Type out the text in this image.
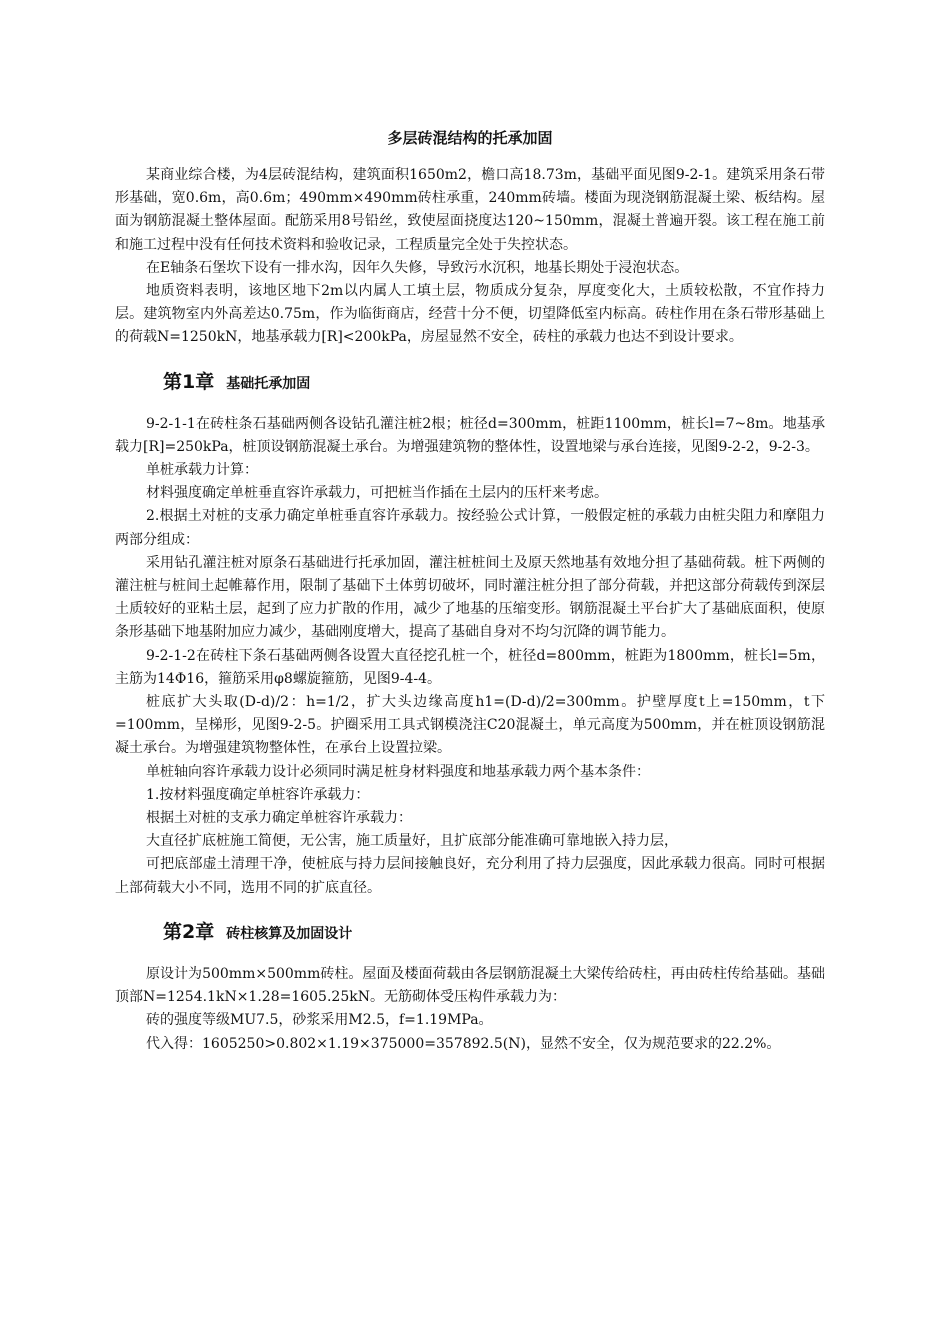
多层砖混结构的托承加固

某商业综合楼，为4层砖混结构，建筑面积1650m2，檐口高18.73m，基础平面见图9-2-1。建筑采用条石带形基础，宽0.6m，高0.6m；490mm×490mm砖柱承重，240mm砖墙。楼面为现浇钢筋混凝土梁、板结构。屋面为钢筋混凝土整体屋面。配筋采用8号铅丝，致使屋面挠度达120~150mm，混凝土普遍开裂。该工程在施工前和施工过程中没有任何技术资料和验收记录，工程质量完全处于失控状态。

在E轴条石堡坎下设有一排水沟，因年久失修，导致污水沉积，地基长期处于浸泡状态。

地质资料表明，该地区地下2m以内属人工填土层，物质成分复杂，厚度变化大，土质较松散，不宜作持力层。建筑物室内外高差达0.75m，作为临街商店，经营十分不便，切望降低室内标高。砖柱作用在条石带形基础上的荷载N=1250kN，地基承载力[R]<200kPa，房屋显然不安全，砖柱的承载力也达不到设计要求。

第1章 基础托承加固

9-2-1-1在砖柱条石基础两侧各设钻孔灌注桩2根；桩径d=300mm，桩距1100mm，桩长l=7~8m。地基承载力[R]=250kPa，桩顶设钢筋混凝土承台。为增强建筑物的整体性，设置地梁与承台连接，见图9-2-2，9-2-3。

单桩承载力计算：

材料强度确定单桩垂直容许承载力，可把桩当作插在土层内的压杆来考虑。

2.根据土对桩的支承力确定单桩垂直容许承载力。按经验公式计算，一般假定桩的承载力由桩尖阻力和摩阻力两部分组成：

采用钻孔灌注桩对原条石基础进行托承加固，灌注桩桩间土及原天然地基有效地分担了基础荷载。桩下两侧的灌注桩与桩间土起帷幕作用，限制了基础下土体剪切破坏，同时灌注桩分担了部分荷载，并把这部分荷载传到深层土质较好的亚粘土层，起到了应力扩散的作用，减少了地基的压缩变形。钢筋混凝土平台扩大了基础底面积，使原条形基础下地基附加应力减少，基础刚度增大，提高了基础自身对不均匀沉降的调节能力。

9-2-1-2在砖柱下条石基础两侧各设置大直径挖孔桩一个，桩径d=800mm，桩距为1800mm，桩长l=5m，主筋为14Φ16，箍筋采用φ8螺旋箍筋，见图9-4-4。

桩底扩大头取(D-d)/2：h=1/2，扩大头边缘高度h1=(D-d)/2=300mm。护壁厚度t上=150mm，t下=100mm，呈梯形，见图9-2-5。护圈采用工具式钢模浇注C20混凝土，单元高度为500mm，并在桩顶设钢筋混凝土承台。为增强建筑物整体性，在承台上设置拉梁。

单桩轴向容许承载力设计必须同时满足桩身材料强度和地基承载力两个基本条件：

1.按材料强度确定单桩容许承载力：

根据土对桩的支承力确定单桩容许承载力：

大直径扩底桩施工简便，无公害，施工质量好，且扩底部分能准确可靠地嵌入持力层，

可把底部虚土清理干净，使桩底与持力层间接触良好，充分利用了持力层强度，因此承载力很高。同时可根据上部荷载大小不同，选用不同的扩底直径。

第2章 砖柱核算及加固设计

原设计为500mm×500mm砖柱。屋面及楼面荷载由各层钢筋混凝土大梁传给砖柱，再由砖柱传给基础。基础顶部N=1254.1kN×1.28=1605.25kN。无筋砌体受压构件承载力为：

砖的强度等级MU7.5，砂浆采用M2.5，f=1.19MPa。

代入得：1605250>0.802×1.19×375000=357892.5(N)，显然不安全，仅为规范要求的22.2%。
